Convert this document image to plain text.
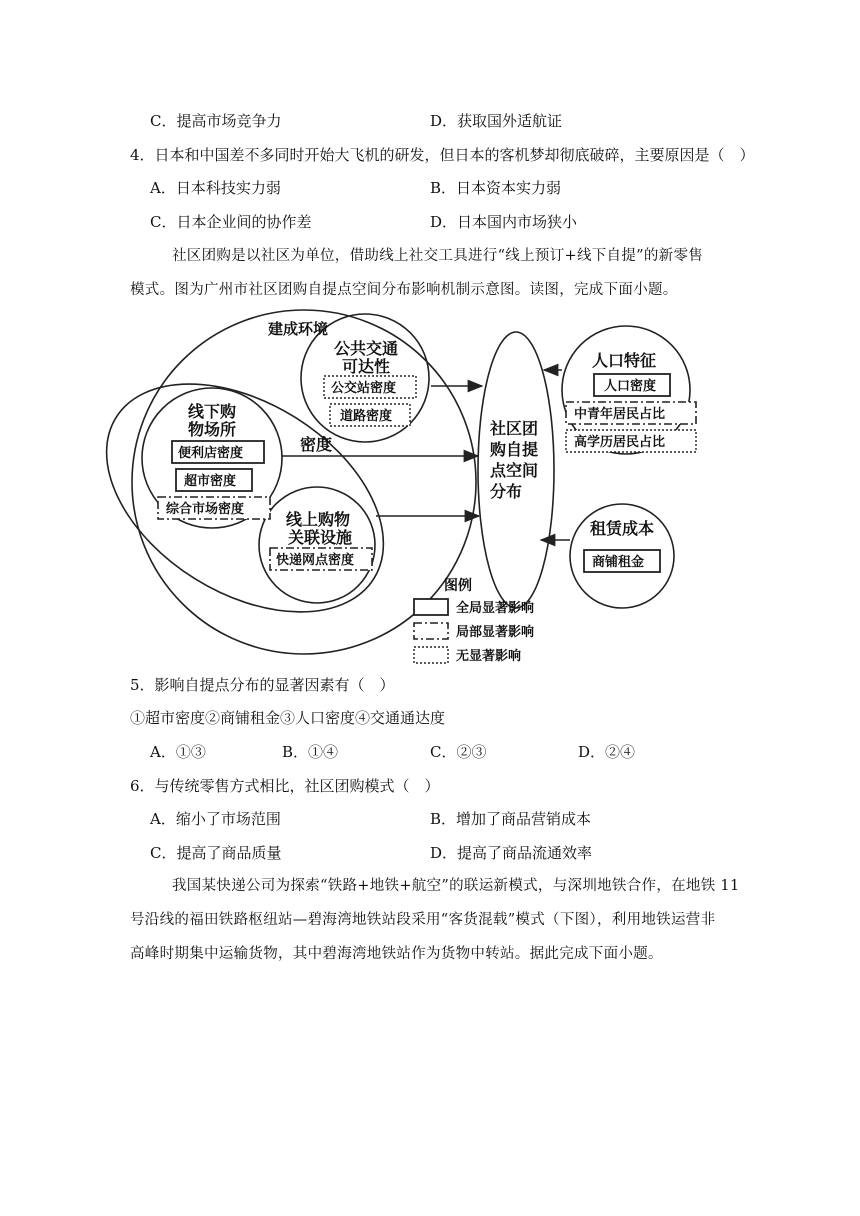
C．提高市场竞争力	D．获取国外适航证
4．日本和中国差不多同时开始大飞机的研发，但日本的客机梦却彻底破碎，主要原因是（　）
A．日本科技实力弱	B．日本资本实力弱
C．日本企业间的协作差	D．日本国内市场狭小
社区团购是以社区为单位，借助线上社交工具进行“线上预订+线下自提”的新零售
模式。图为广州市社区团购自提点空间分布影响机制示意图。读图，完成下面小题。
建成环境
公共交通
可达性
线下购
物场所
密度
线上购物
关联设施
社区团
购自提
点空间
分布
人口特征
租赁成本
图例
公交站密度
道路密度
便利店密度
超市密度
综合市场密度
快递网点密度
人口密度
中青年居民占比
高学历居民占比
商铺租金
全局显著影响
局部显著影响
无显著影响
5．影响自提点分布的显著因素有（　）
①超市密度②商铺租金③人口密度④交通通达度
A．①③	B．①④	C．②③	D．②④
6．与传统零售方式相比，社区团购模式（　）
A．缩小了市场范围	B．增加了商品营销成本
C．提高了商品质量	D．提高了商品流通效率
我国某快递公司为探索“铁路+地铁+航空”的联运新模式，与深圳地铁合作，在地铁 11
号沿线的福田铁路枢纽站—碧海湾地铁站段采用“客货混载”模式（下图），利用地铁运营非
高峰时期集中运输货物，其中碧海湾地铁站作为货物中转站。据此完成下面小题。
